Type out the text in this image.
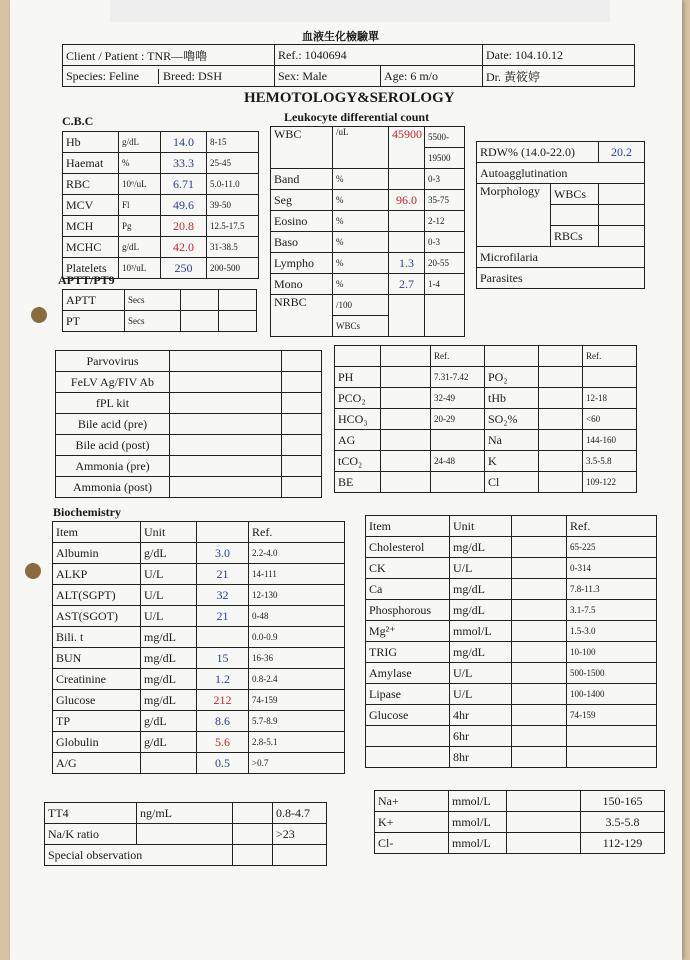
血液生化檢驗單
Client / Patient : TNR—嚕嚕	Ref.: 1040694		Date: 104.10.12
Species: Feline Breed: DSH	Sex: Male	Age: 6 m/o	Dr. 黃筱婷
HEMOTOLOGY&SEROLOGY
C.B.C	Leukocyte differential count
Hb	g/dL	14.0	8-15
Haemat	%	33.3	25-45
RBC	10⁶/uL	6.71	5.0-11.0
MCV	Fl	49.6	39-50
MCH	Pg	20.8	12.5-17.5
MCHC	g/dL	42.0	31-38.5
Platelets	10³/uL	250	200-500
APTT/PT9
APTT	Secs		
PT	Secs		
WBC	/uL	45900	5500-
			19500
Band	%		0-3
Seg	%	96.0	35-75
Eosino	%		2-12
Baso	%		0-3
Lympho	%	1.3	20-55
Mono	%	2.7	1-4
NRBC	/100		
	WBCs		
RDW% (14.0-22.0)		20.2
Autoagglutination		
Morphology	WBCs	

	RBCs	
Microfilaria		
Parasites		
Parvovirus		
FeLV Ag/FIV Ab		
fPL kit		
Bile acid (pre)		
Bile acid (post)		
Ammonia (pre)		
Ammonia (post)		
		Ref.			Ref.
PH		7.31-7.42	PO₂		
PCO₂		32-49	tHb		12-18
HCO₃		20-29	SO₂%		<60
AG			Na		144-160
tCO₂		24-48	K		3.5-5.8
BE			Cl		109-122
Biochemistry
Item	Unit		Ref.
Albumin	g/dL	3.0	2.2-4.0
ALKP	U/L	21	14-111
ALT(SGPT)	U/L	32	12-130
AST(SGOT)	U/L	21	0-48
Bili. t	mg/dL		0.0-0.9
BUN	mg/dL	15	16-36
Creatinine	mg/dL	1.2	0.8-2.4
Glucose	mg/dL	212	74-159
TP	g/dL	8.6	5.7-8.9
Globulin	g/dL	5.6	2.8-5.1
A/G		0.5	>0.7
Item	Unit		Ref.
Cholesterol	mg/dL		65-225
CK	U/L		0-314
Ca	mg/dL		7.8-11.3
Phosphorous	mg/dL		3.1-7.5
Mg²⁺	mmol/L		1.5-3.0
TRIG	mg/dL		10-100
Amylase	U/L		500-1500
Lipase	U/L		100-1400
Glucose	4hr		74-159
	6hr		
	8hr		
TT4	ng/mL		0.8-4.7
Na/K ratio			>23
Special observation			
Na+	mmol/L		150-165
K+	mmol/L		3.5-5.8
Cl-	mmol/L		112-129
